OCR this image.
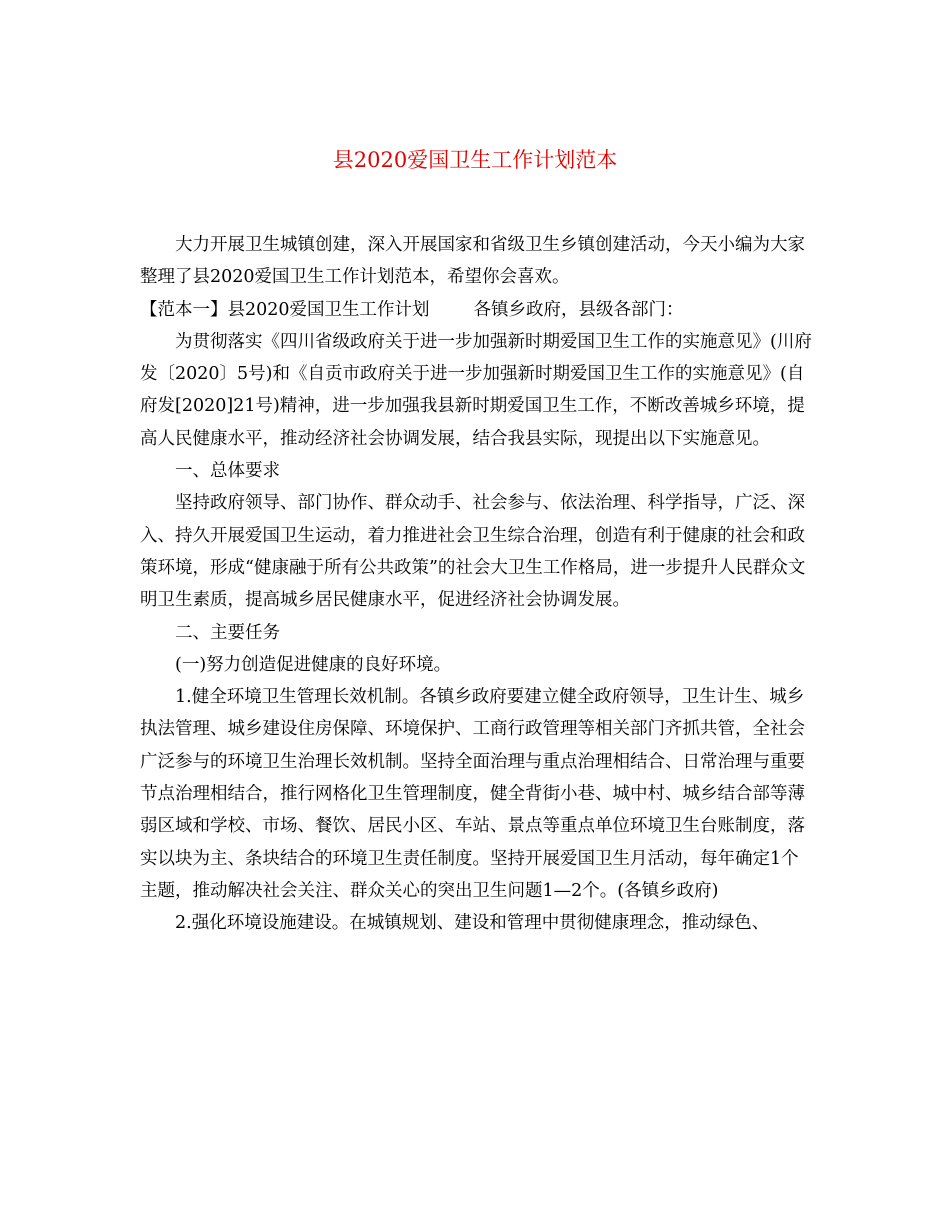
县2020爱国卫生工作计划范本

大力开展卫生城镇创建，深入开展国家和省级卫生乡镇创建活动，今天小编为大家整理了县2020爱国卫生工作计划范本，希望你会喜欢。

【范本一】县2020爱国卫生工作计划	各镇乡政府，县级各部门：

为贯彻落实《四川省级政府关于进一步加强新时期爱国卫生工作的实施意见》(川府发〔2020〕5号)和《自贡市政府关于进一步加强新时期爱国卫生工作的实施意见》(自府发[2020]21号)精神，进一步加强我县新时期爱国卫生工作，不断改善城乡环境，提高人民健康水平，推动经济社会协调发展，结合我县实际，现提出以下实施意见。

一、总体要求

坚持政府领导、部门协作、群众动手、社会参与、依法治理、科学指导，广泛、深入、持久开展爱国卫生运动，着力推进社会卫生综合治理，创造有利于健康的社会和政策环境，形成“健康融于所有公共政策”的社会大卫生工作格局，进一步提升人民群众文明卫生素质，提高城乡居民健康水平，促进经济社会协调发展。

二、主要任务

(一)努力创造促进健康的良好环境。

1.健全环境卫生管理长效机制。各镇乡政府要建立健全政府领导，卫生计生、城乡执法管理、城乡建设住房保障、环境保护、工商行政管理等相关部门齐抓共管，全社会广泛参与的环境卫生治理长效机制。坚持全面治理与重点治理相结合、日常治理与重要节点治理相结合，推行网格化卫生管理制度，健全背街小巷、城中村、城乡结合部等薄弱区域和学校、市场、餐饮、居民小区、车站、景点等重点单位环境卫生台账制度，落实以块为主、条块结合的环境卫生责任制度。坚持开展爱国卫生月活动，每年确定1个主题，推动解决社会关注、群众关心的突出卫生问题1—2个。(各镇乡政府)

2.强化环境设施建设。在城镇规划、建设和管理中贯彻健康理念，推动绿色、
